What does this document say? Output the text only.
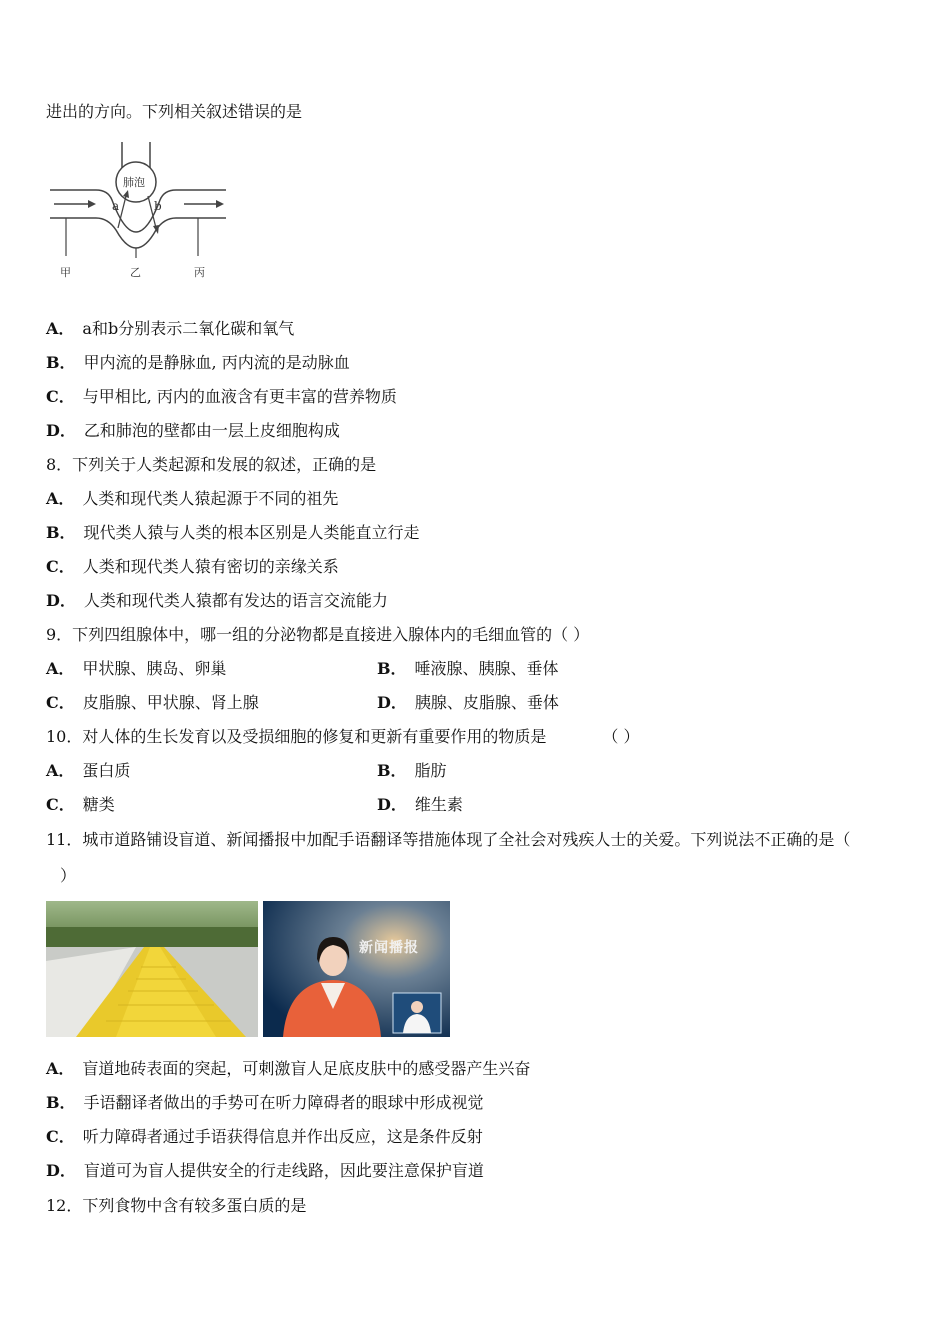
进出的方向。下列相关叙述错误的是
肺泡
a	b
甲	乙	丙
A． a和b分别表示二氧化碳和氧气
B． 甲内流的是静脉血, 丙内流的是动脉血
C． 与甲相比, 丙内的血液含有更丰富的营养物质
D． 乙和肺泡的壁都由一层上皮细胞构成
8．下列关于人类起源和发展的叙述，正确的是
A． 人类和现代类人猿起源于不同的祖先
B． 现代类人猿与人类的根本区别是人类能直立行走
C． 人类和现代类人猿有密切的亲缘关系
D． 人类和现代类人猿都有发达的语言交流能力
9．下列四组腺体中，哪一组的分泌物都是直接进入腺体内的毛细血管的（ ）
A． 甲状腺、胰岛、卵巢	B． 唾液腺、胰腺、垂体
C． 皮脂腺、甲状腺、肾上腺	D． 胰腺、皮脂腺、垂体
10．对人体的生长发育以及受损细胞的修复和更新有重要作用的物质是	（ ）
A． 蛋白质	B． 脂肪
C． 糖类	D． 维生素
11．城市道路铺设盲道、新闻播报中加配手语翻译等措施体现了全社会对残疾人士的关爱。下列说法不正确的是（
）
新闻播报
A． 盲道地砖表面的突起，可刺激盲人足底皮肤中的感受器产生兴奋
B． 手语翻译者做出的手势可在听力障碍者的眼球中形成视觉
C． 听力障碍者通过手语获得信息并作出反应，这是条件反射
D． 盲道可为盲人提供安全的行走线路，因此要注意保护盲道
12．下列食物中含有较多蛋白质的是
